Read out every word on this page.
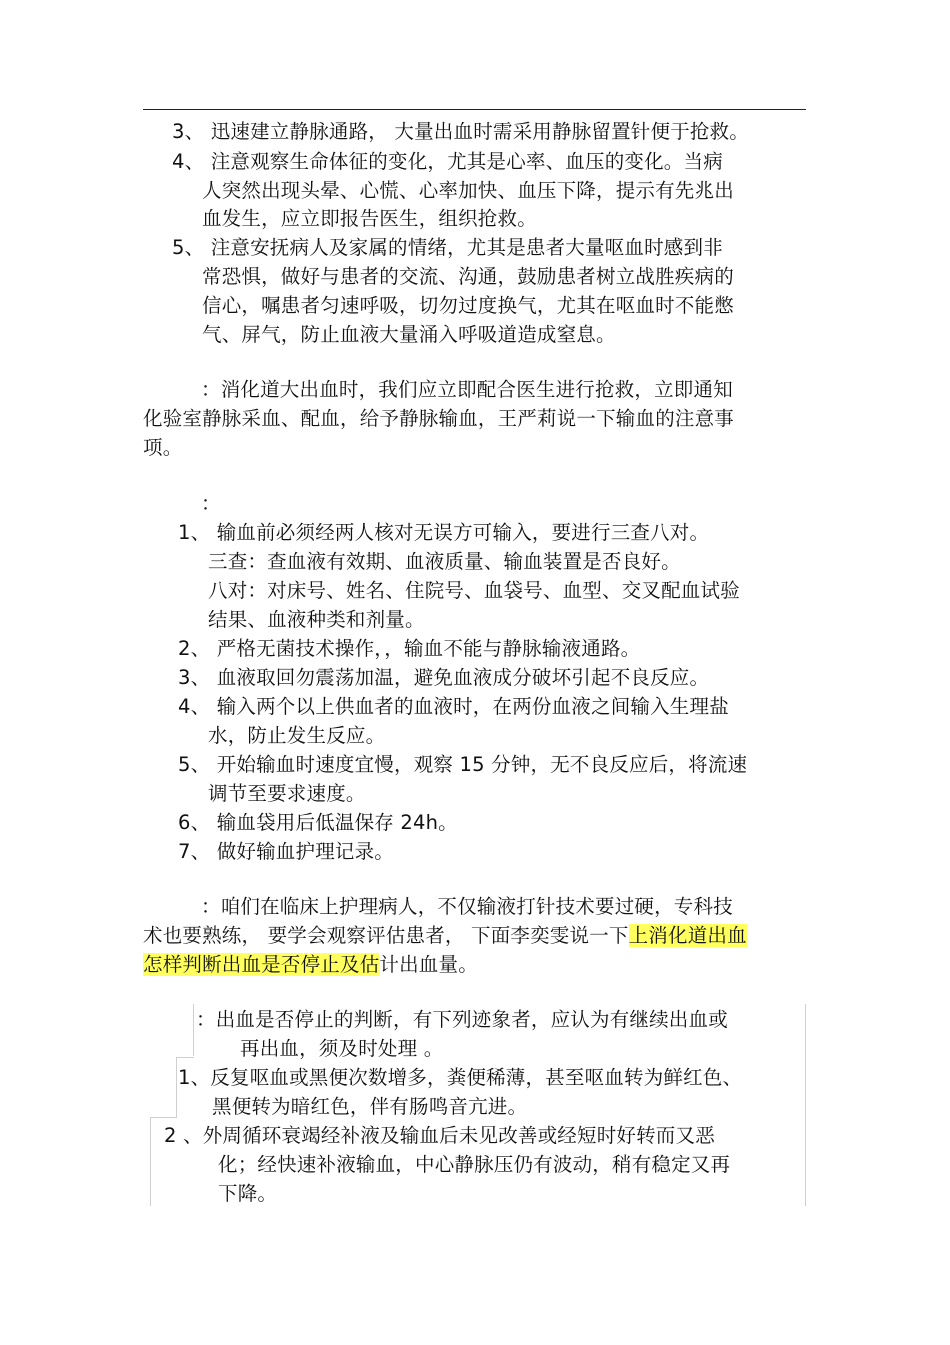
3、 迅速建立静脉通路， 大量出血时需采用静脉留置针便于抢救。
4、 注意观察生命体征的变化，尤其是心率、血压的变化。当病
人突然出现头晕、心慌、心率加快、血压下降，提示有先兆出
血发生，应立即报告医生，组织抢救。
5、 注意安抚病人及家属的情绪，尤其是患者大量呕血时感到非
常恐惧，做好与患者的交流、沟通，鼓励患者树立战胜疾病的
信心，嘱患者匀速呼吸，切勿过度换气，尤其在呕血时不能憋
气、屏气，防止血液大量涌入呼吸道造成窒息。
：消化道大出血时，我们应立即配合医生进行抢救，立即通知
化验室静脉采血、配血，给予静脉输血，王严莉说一下输血的注意事
项。
：
1、 输血前必须经两人核对无误方可输入，要进行三查八对。
三查：查血液有效期、血液质量、输血装置是否良好。
八对：对床号、姓名、住院号、血袋号、血型、交叉配血试验
结果、血液种类和剂量。
2、 严格无菌技术操作，，输血不能与静脉输液通路。
3、 血液取回勿震荡加温，避免血液成分破坏引起不良反应。
4、 输入两个以上供血者的血液时，在两份血液之间输入生理盐
水，防止发生反应。
5、 开始输血时速度宜慢，观察 15 分钟，无不良反应后，将流速
调节至要求速度。
6、 输血袋用后低温保存 24h。
7、 做好输血护理记录。
：咱们在临床上护理病人，不仅输液打针技术要过硬，专科技
术也要熟练， 要学会观察评估患者， 下面李奕雯说一下上消化道出血
怎样判断出血是否停止及估计出血量。
：出血是否停止的判断，有下列迹象者，应认为有继续出血或
再出血，须及时处理 。
1、反复呕血或黑便次数增多，粪便稀薄，甚至呕血转为鲜红色、
黑便转为暗红色，伴有肠鸣音亢进。
2 、外周循环衰竭经补液及输血后未见改善或经短时好转而又恶
化；经快速补液输血，中心静脉压仍有波动，稍有稳定又再
下降。
